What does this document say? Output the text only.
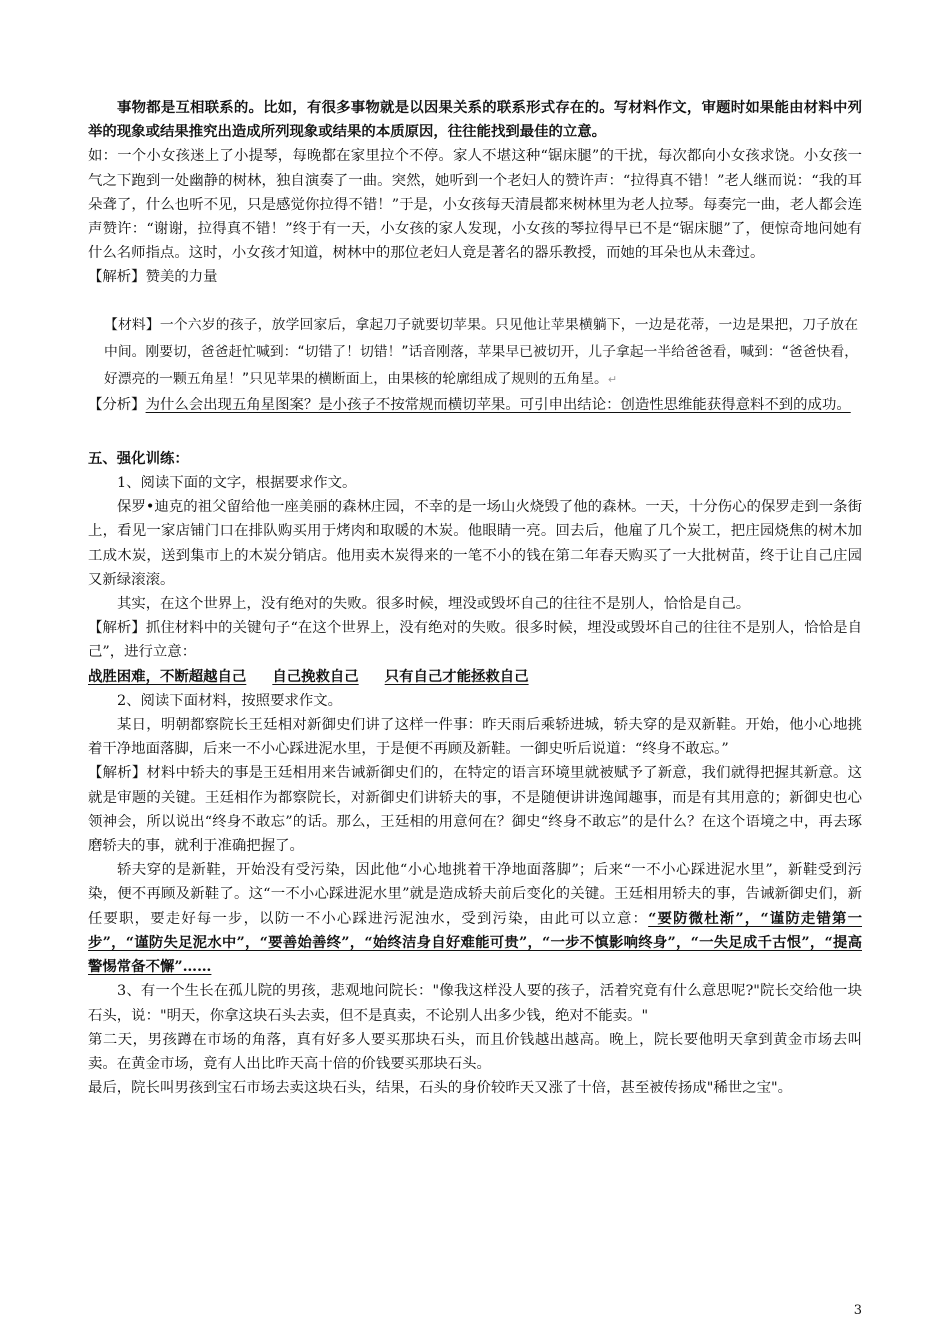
事物都是互相联系的。比如，有很多事物就是以因果关系的联系形式存在的。写材料作文，审题时如果能由材料中列举的现象或结果推究出造成所列现象或结果的本质原因，往往能找到最佳的立意。

如：一个小女孩迷上了小提琴，每晚都在家里拉个不停。家人不堪这种“锯床腿”的干扰，每次都向小女孩求饶。小女孩一气之下跑到一处幽静的树林，独自演奏了一曲。突然，她听到一个老妇人的赞许声：“拉得真不错！”老人继而说：“我的耳朵聋了，什么也听不见，只是感觉你拉得不错！”于是，小女孩每天清晨都来树林里为老人拉琴。每奏完一曲，老人都会连声赞许：“谢谢，拉得真不错！”终于有一天，小女孩的家人发现，小女孩的琴拉得早已不是“锯床腿”了，便惊奇地问她有什么名师指点。这时，小女孩才知道，树林中的那位老妇人竟是著名的器乐教授，而她的耳朵也从未聋过。

【解析】赞美的力量

【材料】一个六岁的孩子，放学回家后，拿起刀子就要切苹果。只见他让苹果横躺下，一边是花蒂，一边是果把，刀子放在中间。刚要切，爸爸赶忙喊到：“切错了！切错！”话音刚落，苹果早已被切开，儿子拿起一半给爸爸看，喊到：“爸爸快看，好漂亮的一颗五角星！”只见苹果的横断面上，由果核的轮廓组成了规则的五角星。↵

【分析】为什么会出现五角星图案？是小孩子不按常规而横切苹果。可引申出结论：创造性思维能获得意料不到的成功。

五、强化训练：

1、阅读下面的文字，根据要求作文。

保罗•迪克的祖父留给他一座美丽的森林庄园，不幸的是一场山火烧毁了他的森林。一天，十分伤心的保罗走到一条街上，看见一家店铺门口在排队购买用于烤肉和取暖的木炭。他眼睛一亮。回去后，他雇了几个炭工，把庄园烧焦的树木加工成木炭，送到集市上的木炭分销店。他用卖木炭得来的一笔不小的钱在第二年春天购买了一大批树苗，终于让自己庄园又新绿滚滚。

其实，在这个世界上，没有绝对的失败。很多时候，埋没或毁坏自己的往往不是别人，恰恰是自己。

【解析】抓住材料中的关键句子“在这个世界上，没有绝对的失败。很多时候，埋没或毁坏自己的往往不是别人，恰恰是自己”，进行立意：

战胜困难，不断超越自己 自己挽救自己 只有自己才能拯救自己

2、阅读下面材料，按照要求作文。

某日，明朝都察院长王廷相对新御史们讲了这样一件事：昨天雨后乘轿进城，轿夫穿的是双新鞋。开始，他小心地挑着干净地面落脚，后来一不小心踩进泥水里，于是便不再顾及新鞋。一御史听后说道：“终身不敢忘。”

【解析】材料中轿夫的事是王廷相用来告诫新御史们的，在特定的语言环境里就被赋予了新意，我们就得把握其新意。这就是审题的关键。王廷相作为都察院长，对新御史们讲轿夫的事，不是随便讲讲逸闻趣事，而是有其用意的；新御史也心领神会，所以说出“终身不敢忘”的话。那么，王廷相的用意何在？御史“终身不敢忘”的是什么？在这个语境之中，再去琢磨轿夫的事，就利于准确把握了。

轿夫穿的是新鞋，开始没有受污染，因此他“小心地挑着干净地面落脚”；后来“一不小心踩进泥水里”，新鞋受到污染，便不再顾及新鞋了。这“一不小心踩进泥水里”就是造成轿夫前后变化的关键。王廷相用轿夫的事，告诫新御史们，新任要职，要走好每一步，以防一不小心踩进污泥浊水，受到污染，由此可以立意：“要防微杜渐”，“谨防走错第一步”，“谨防失足泥水中”，“要善始善终”，“始终洁身自好难能可贵”，“一步不慎影响终身”，“一失足成千古恨”，“提高警惕常备不懈”……

3、有一个生长在孤儿院的男孩，悲观地问院长："像我这样没人要的孩子，活着究竟有什么意思呢?"院长交给他一块石头，说："明天，你拿这块石头去卖，但不是真卖，不论别人出多少钱，绝对不能卖。"

第二天，男孩蹲在市场的角落，真有好多人要买那块石头，而且价钱越出越高。晚上，院长要他明天拿到黄金市场去叫卖。在黄金市场，竟有人出比昨天高十倍的价钱要买那块石头。

最后，院长叫男孩到宝石市场去卖这块石头，结果，石头的身价较昨天又涨了十倍，甚至被传扬成"稀世之宝"。

3
